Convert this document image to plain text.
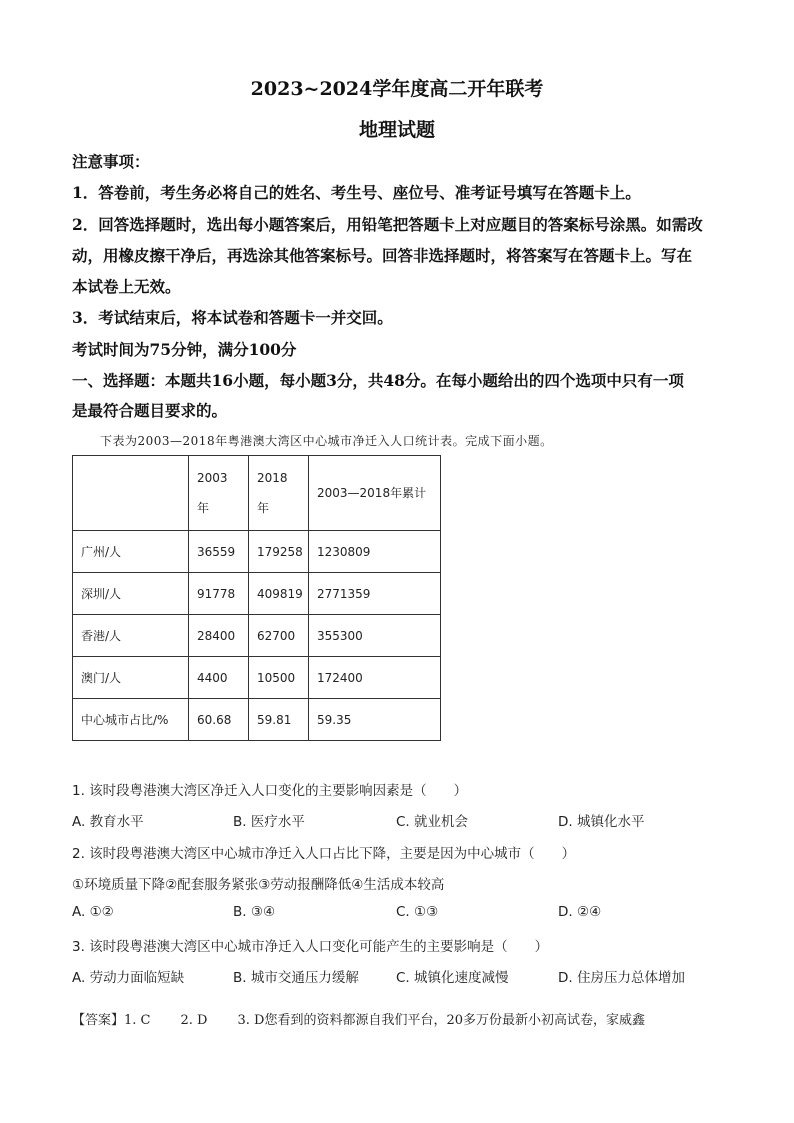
2023~2024学年度高二开年联考
地理试题
注意事项：
1．答卷前，考生务必将自己的姓名、考生号、座位号、准考证号填写在答题卡上。
2．回答选择题时，选出每小题答案后，用铅笔把答题卡上对应题目的答案标号涂黑。如需改
动，用橡皮擦干净后，再选涂其他答案标号。回答非选择题时，将答案写在答题卡上。写在
本试卷上无效。
3．考试结束后，将本试卷和答题卡一并交回。
考试时间为75分钟，满分100分
一、选择题：本题共16小题，每小题3分，共48分。在每小题给出的四个选项中只有一项
是最符合题目要求的。
下表为2003—2018年粤港澳大湾区中心城市净迁入人口统计表。完成下面小题。

	2003年	2018年	2003—2018年累计

广州/人	36559	179258	1230809
深圳/人	91778	409819	2771359
香港/人	28400	62700	355300
澳门/人	4400	10500	172400
中心城市占比/%	60.68	59.81	59.35
1. 该时段粤港澳大湾区净迁入人口变化的主要影响因素是（　　）
A. 教育水平	B. 医疗水平	C. 就业机会	D. 城镇化水平
2. 该时段粤港澳大湾区中心城市净迁入人口占比下降，主要是因为中心城市（　　）
①环境质量下降②配套服务紧张③劳动报酬降低④生活成本较高
A. ①②	B. ③④	C. ①③	D. ②④
3. 该时段粤港澳大湾区中心城市净迁入人口变化可能产生的主要影响是（　　）
A. 劳动力面临短缺	B. 城市交通压力缓解	C. 城镇化速度减慢	D. 住房压力总体增加
【答案】1. C 2. D 3. D您看到的资料都源自我们平台，20多万份最新小初高试卷，家威鑫
